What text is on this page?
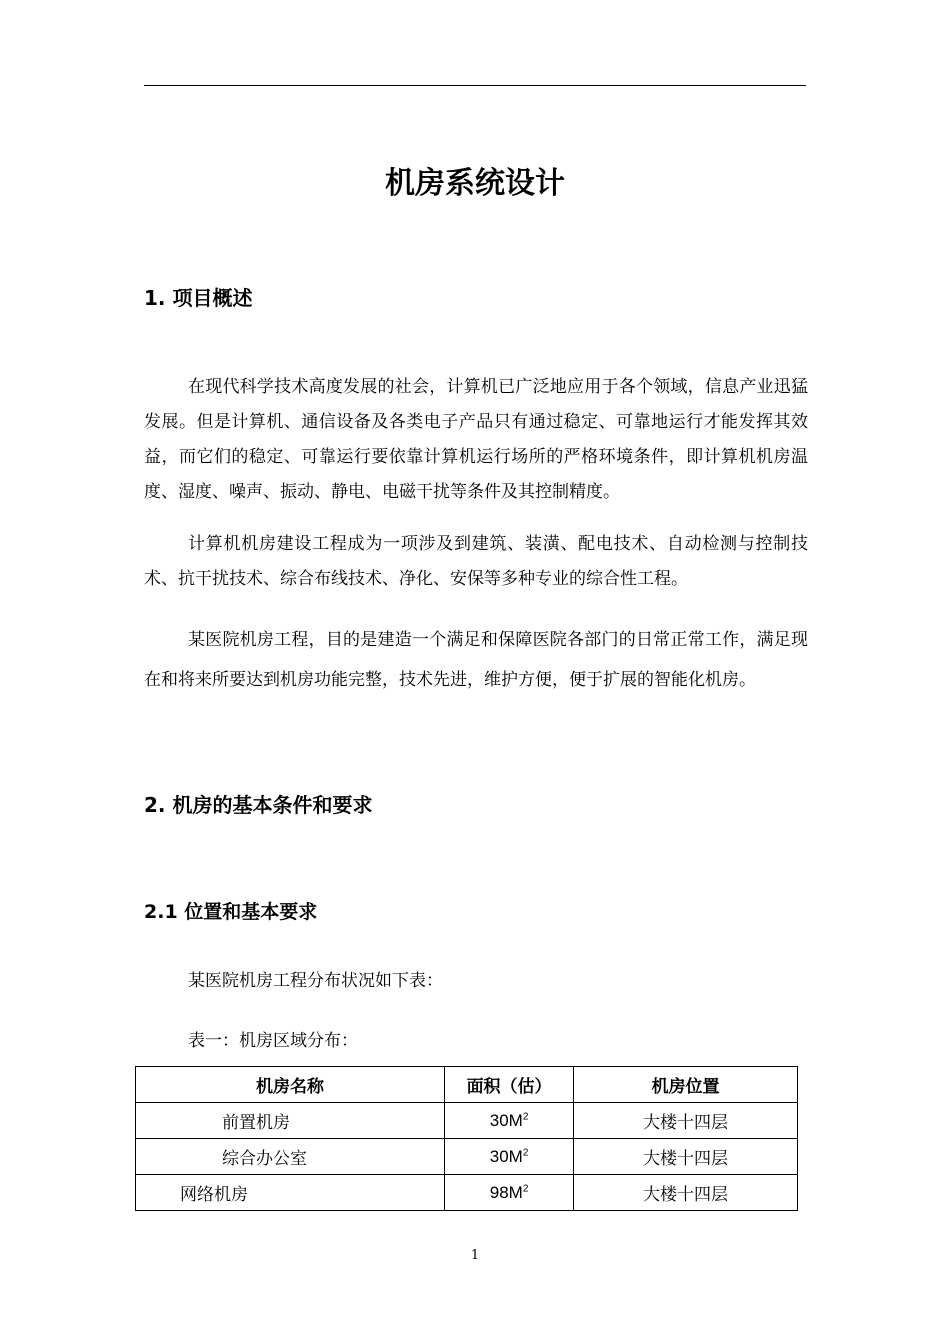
机房系统设计
1. 项目概述
在现代科学技术高度发展的社会，计算机已广泛地应用于各个领域，信息产业迅猛发展。但是计算机、通信设备及各类电子产品只有通过稳定、可靠地运行才能发挥其效益，而它们的稳定、可靠运行要依靠计算机运行场所的严格环境条件，即计算机机房温度、湿度、噪声、振动、静电、电磁干扰等条件及其控制精度。
计算机机房建设工程成为一项涉及到建筑、装潢、配电技术、自动检测与控制技术、抗干扰技术、综合布线技术、净化、安保等多种专业的综合性工程。
某医院机房工程，目的是建造一个满足和保障医院各部门的日常正常工作，满足现在和将来所要达到机房功能完整，技术先进，维护方便，便于扩展的智能化机房。
2. 机房的基本条件和要求
2.1 位置和基本要求
某医院机房工程分布状况如下表：
表一：机房区域分布：
机房名称	面积（估）	机房位置
前置机房	$30M^2$	大楼十四层
综合办公室	$30M^2$	大楼十四层
网络机房	$98M^2$	大楼十四层
1
